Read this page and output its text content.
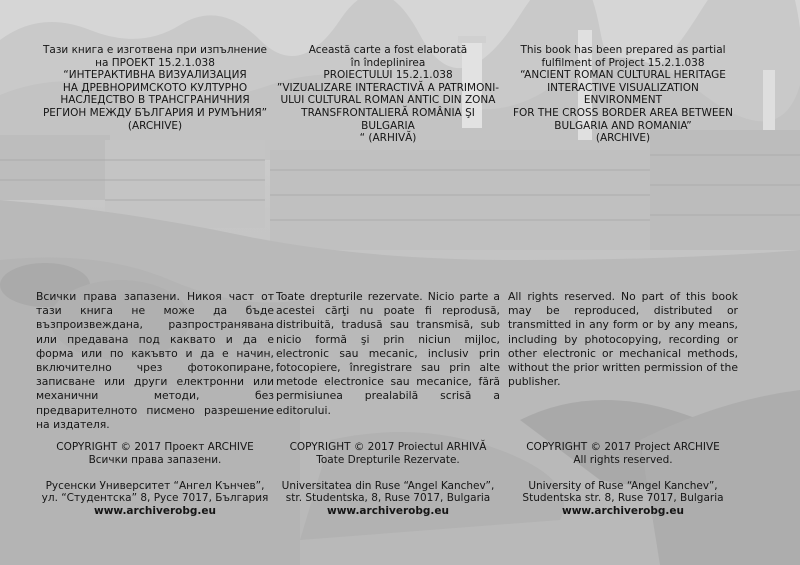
Тази книга е изготвена при изпълнение

на ПРОЕКТ 15.2.1.038

“ИНТЕРАКТИВНА ВИЗУАЛИЗАЦИЯ

НА ДРЕВНОРИМСКОТО КУЛТУРНО

НАСЛЕДСТВО В ТРАНСГРАНИЧНИЯ

РЕГИОН МЕЖДУ БЪЛГАРИЯ И РУМЪНИЯ”

(ARCHIVE)

Всички права запазени. Никоя част от тази книга не може да бъде възпроизвеждана, разпространявана или предавана под каквато и да е форма или по какъвто и да е начин, включително чрез фотокопиране, записване или други електронни или механични методи, без предварителното писмено разрешение на издателя.

COPYRIGHT © 2017 Проект ARCHIVE

Всички права запазени.

Русенски Университет “Ангел Кънчев”,

ул. “Студентска” 8, Русе 7017, България

www.archiverobg.eu

Această carte a fost elaborată

în îndeplinirea

PROIECTULUI 15.2.1.038

”VIZUALIZARE INTERACTIVĂ A PATRIMONI-

ULUI CULTURAL ROMAN ANTIC DIN ZONA

TRANSFRONTALIERĂ ROMÂNIA ŞI BULGARIA

“ (ARHIVĂ)

Toate drepturile rezervate. Nicio parte a acestei cărţi nu poate fi reprodusă, distribuită, tradusă sau transmisă, sub nicio formă şi prin niciun mijloc, electronic sau mecanic, inclusiv prin fotocopiere, înregistrare sau prin alte metode electronice sau mecanice, fără permisiunea prealabilă scrisă a editorului.

COPYRIGHT © 2017 Proiectul ARHIVĂ

Toate Drepturile Rezervate.

Universitatea din Ruse “Angel Kanchev”,

str. Studentska, 8, Ruse 7017, Bulgaria

www.archiverobg.eu

This book has been prepared as partial

fulfilment of Project 15.2.1.038

“ANCIENT ROMAN CULTURAL HERITAGE

INTERACTIVE VISUALIZATION ENVIRONMENT

FOR THE CROSS BORDER AREA BETWEEN

BULGARIA AND ROMANIA”

(ARCHIVE)

All rights reserved. No part of this book may be reproduced, distributed or transmitted in any form or by any means, including by photocopying, recording or other electronic or mechanical methods, without the prior written permission of the publisher.

COPYRIGHT © 2017 Project ARCHIVE

All rights reserved.

University of Ruse “Angel Kanchev”,

Studentska str. 8, Ruse 7017, Bulgaria

www.archiverobg.eu
